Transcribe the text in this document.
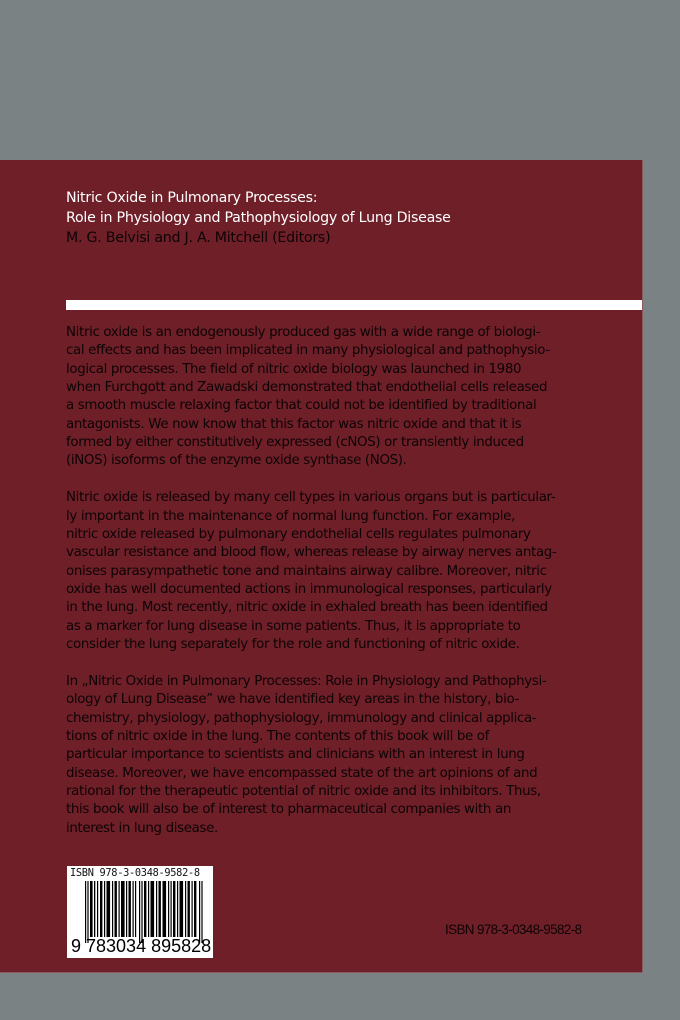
Nitric Oxide in Pulmonary Processes:
Role in Physiology and Pathophysiology of Lung Disease
M. G. Belvisi and J. A. Mitchell (Editors)
Nitric oxide is an endogenously produced gas with a wide range of biologi-
cal effects and has been implicated in many physiological and pathophysio-
logical processes. The field of nitric oxide biology was launched in 1980
when Furchgott and Zawadski demonstrated that endothelial cells released
a smooth muscle relaxing factor that could not be identified by traditional
antagonists. We now know that this factor was nitric oxide and that it is
formed by either constitutively expressed (cNOS) or transiently induced
(iNOS) isoforms of the enzyme oxide synthase (NOS).
Nitric oxide is released by many cell types in various organs but is particular-
ly important in the maintenance of normal lung function. For example,
nitric oxide released by pulmonary endothelial cells regulates pulmonary
vascular resistance and blood flow, whereas release by airway nerves antag-
onises parasympathetic tone and maintains airway calibre. Moreover, nitric
oxide has well documented actions in immunological responses, particularly
in the lung. Most recently, nitric oxide in exhaled breath has been identified
as a marker for lung disease in some patients. Thus, it is appropriate to
consider the lung separately for the role and functioning of nitric oxide.
In „Nitric Oxide in Pulmonary Processes: Role in Physiology and Pathophysi-
ology of Lung Disease” we have identified key areas in the history, bio-
chemistry, physiology, pathophysiology, immunology and clinical applica-
tions of nitric oxide in the lung. The contents of this book will be of
particular importance to scientists and clinicians with an interest in lung
disease. Moreover, we have encompassed state of the art opinions of and
rational for the therapeutic potential of nitric oxide and its inhibitors. Thus,
this book will also be of interest to pharmaceutical companies with an
interest in lung disease.
ISBN 978-3-0348-9582-8
9 783034 895828
ISBN 978-3-0348-9582-8
